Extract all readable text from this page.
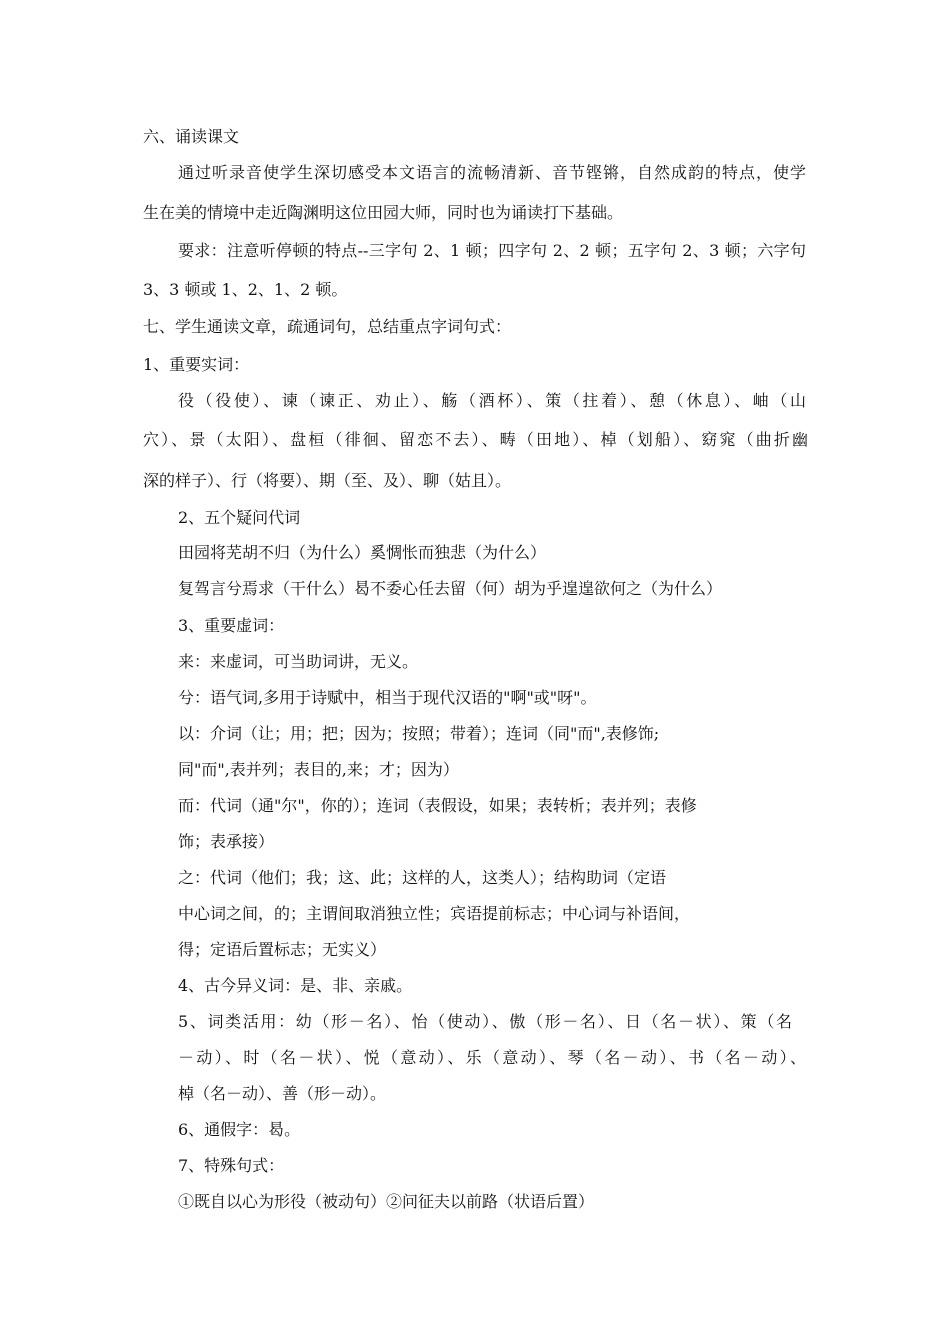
六、诵读课文
通过听录音使学生深切感受本文语言的流畅清新、音节铿锵，自然成韵的特点，使学
生在美的情境中走近陶渊明这位田园大师，同时也为诵读打下基础。
要求：注意听停顿的特点--三字句 2、1 顿；四字句 2、2 顿；五字句 2、3 顿；六字句
3、3 顿或 1、2、1、2 顿。
七、学生通读文章，疏通词句，总结重点字词句式：
1、重要实词：
役（役使）、谏（谏正、劝止）、觞（酒杯）、策（拄着）、憩（休息）、岫（山
穴）、景（太阳）、盘桓（徘徊、留恋不去）、畴（田地）、棹（划船）、窈窕（曲折幽
深的样子）、行（将要）、期（至、及）、聊（姑且）。
2、五个疑问代词
田园将芜胡不归（为什么）奚惆怅而独悲（为什么）
复驾言兮焉求（干什么）曷不委心任去留（何）胡为乎遑遑欲何之（为什么）
3、重要虚词：
来：来虚词，可当助词讲，无义。
兮：语气词,多用于诗赋中，相当于现代汉语的"啊"或"呀"。
以：介词（让；用；把；因为；按照；带着）；连词（同"而",表修饰;
同"而",表并列；表目的,来；才；因为）
而：代词（通"尔"，你的）；连词（表假设，如果；表转析；表并列；表修
饰；表承接）
之：代词（他们；我；这、此；这样的人，这类人）；结构助词（定语
中心词之间，的；主谓间取消独立性；宾语提前标志；中心词与补语间，
得；定语后置标志；无实义）
4、古今异义词：是、非、亲戚。
5、词类活用：幼（形－名）、怡（使动）、傲（形－名）、日（名－状）、策（名
－动）、时（名－状）、悦（意动）、乐（意动）、琴（名－动）、书（名－动）、
棹（名－动）、善（形－动）。
6、通假字：曷。
7、特殊句式：
①既自以心为形役（被动句）②问征夫以前路（状语后置）
